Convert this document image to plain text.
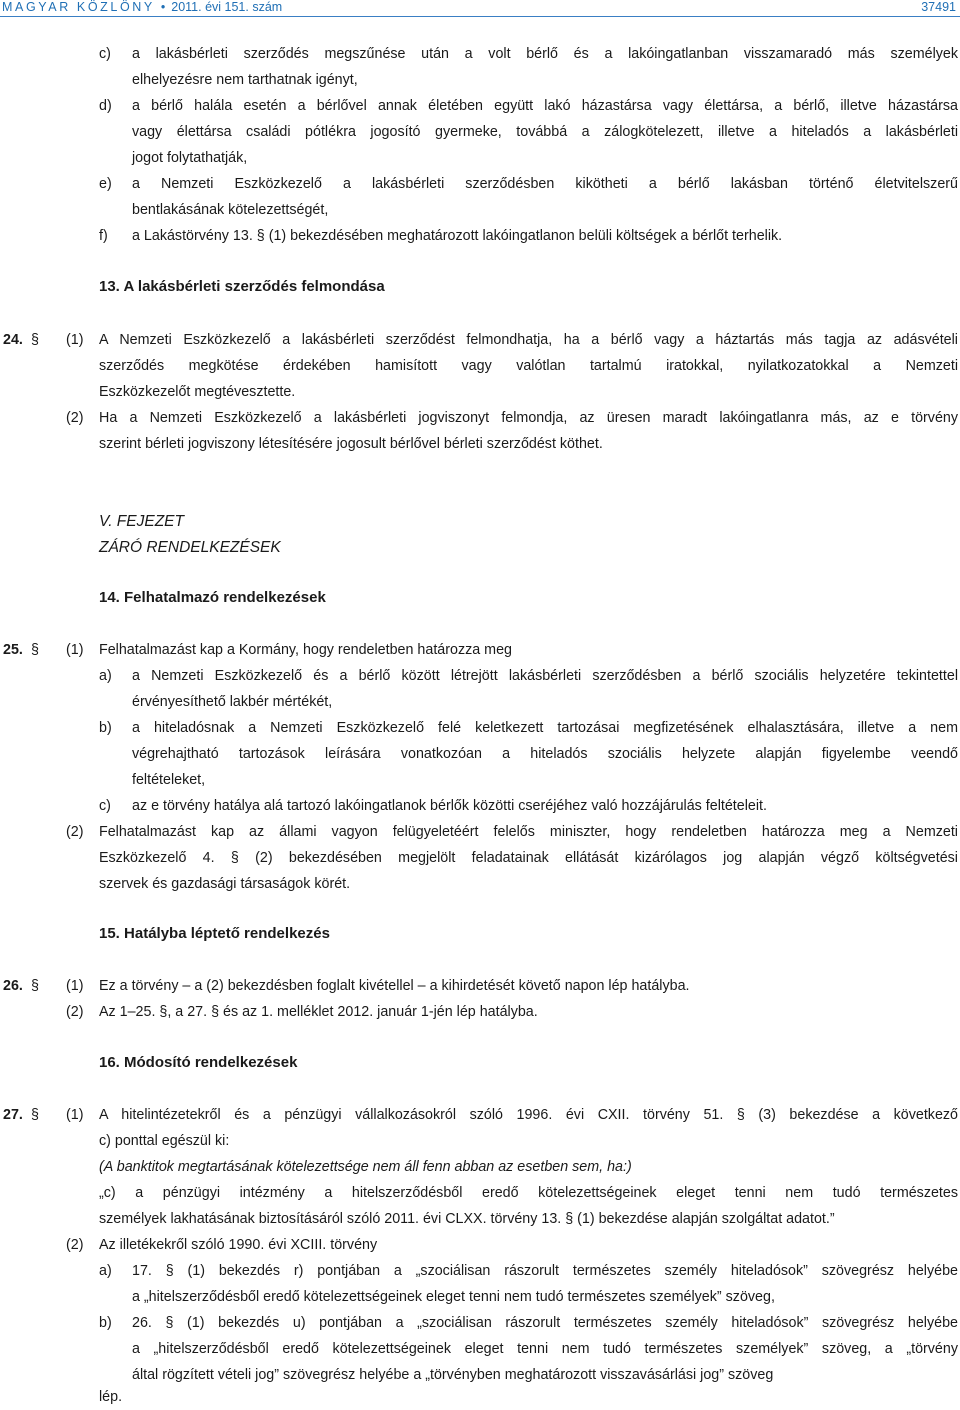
MAGYAR KÖZLÖNY • 2011. évi 151. szám	37491
c) a lakásbérleti szerződés megszűnése után a volt bérlő és a lakóingatlanban visszamaradó más személyek
elhelyezésre nem tarthatnak igényt,
d) a bérlő halála esetén a bérlővel annak életében együtt lakó házastársa vagy élettársa, a bérlő, illetve házastársa
vagy élettársa családi pótlékra jogosító gyermeke, továbbá a zálogkötelezett, illetve a hiteladós a lakásbérleti
jogot folytathatják,
e) a Nemzeti Eszközkezelő a lakásbérleti szerződésben kikötheti a bérlő lakásban történő életvitelszerű
bentlakásának kötelezettségét,
f) a Lakástörvény 13. § (1) bekezdésében meghatározott lakóingatlanon belüli költségek a bérlőt terhelik.
13. A lakásbérleti szerződés felmondása
24. § (1) A Nemzeti Eszközkezelő a lakásbérleti szerződést felmondhatja, ha a bérlő vagy a háztartás más tagja az adásvételi
szerződés megkötése érdekében hamisított vagy valótlan tartalmú iratokkal, nyilatkozatokkal a Nemzeti
Eszközkezelőt megtévesztette.
(2) Ha a Nemzeti Eszközkezelő a lakásbérleti jogviszonyt felmondja, az üresen maradt lakóingatlanra más, az e törvény
szerint bérleti jogviszony létesítésére jogosult bérlővel bérleti szerződést köthet.
V. FEJEZET
ZÁRÓ RENDELKEZÉSEK
14. Felhatalmazó rendelkezések
25. § (1) Felhatalmazást kap a Kormány, hogy rendeletben határozza meg
a) a Nemzeti Eszközkezelő és a bérlő között létrejött lakásbérleti szerződésben a bérlő szociális helyzetére tekintettel
érvényesíthető lakbér mértékét,
b) a hiteladósnak a Nemzeti Eszközkezelő felé keletkezett tartozásai megfizetésének elhalasztására, illetve a nem
végrehajtható tartozások leírására vonatkozóan a hiteladós szociális helyzete alapján figyelembe veendő
feltételeket,
c) az e törvény hatálya alá tartozó lakóingatlanok bérlők közötti cseréjéhez való hozzájárulás feltételeit.
(2) Felhatalmazást kap az állami vagyon felügyeletéért felelős miniszter, hogy rendeletben határozza meg a Nemzeti
Eszközkezelő 4. § (2) bekezdésében megjelölt feladatainak ellátását kizárólagos jog alapján végző költségvetési
szervek és gazdasági társaságok körét.
15. Hatályba léptető rendelkezés
26. § (1) Ez a törvény – a (2) bekezdésben foglalt kivétellel – a kihirdetését követő napon lép hatályba.
(2) Az 1–25. §, a 27. § és az 1. melléklet 2012. január 1-jén lép hatályba.
16. Módosító rendelkezések
27. § (1) A hitelintézetekről és a pénzügyi vállalkozásokról szóló 1996. évi CXII. törvény 51. § (3) bekezdése a következő
c) ponttal egészül ki:
(A banktitok megtartásának kötelezettsége nem áll fenn abban az esetben sem, ha:)
„c) a pénzügyi intézmény a hitelszerződésből eredő kötelezettségeinek eleget tenni nem tudó természetes
személyek lakhatásának biztosításáról szóló 2011. évi CLXX. törvény 13. § (1) bekezdése alapján szolgáltat adatot.”
(2) Az illetékekről szóló 1990. évi XCIII. törvény
a) 17. § (1) bekezdés r) pontjában a „szociálisan rászorult természetes személy hiteladósok” szövegrész helyébe
a „hitelszerződésből eredő kötelezettségeinek eleget tenni nem tudó természetes személyek” szöveg,
b) 26. § (1) bekezdés u) pontjában a „szociálisan rászorult természetes személy hiteladósok” szövegrész helyébe
a „hitelszerződésből eredő kötelezettségeinek eleget tenni nem tudó természetes személyek” szöveg, a „törvény
által rögzített vételi jog” szövegrész helyébe a „törvényben meghatározott visszavásárlási jog” szöveg
lép.
